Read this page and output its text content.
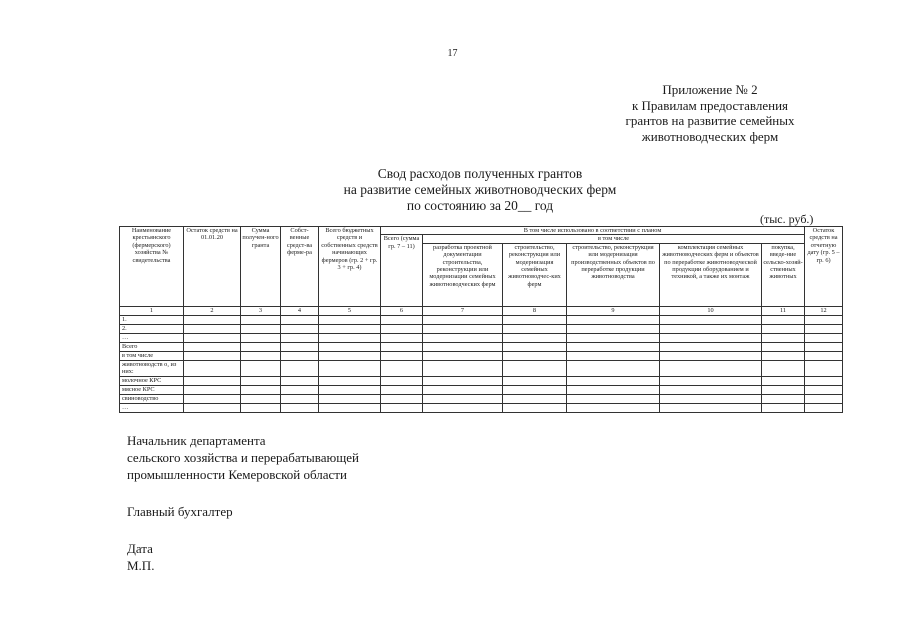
17
Приложение № 2
к Правилам предоставления
грантов на развитие семейных
животноводческих ферм
Свод расходов полученных грантов
на развитие семейных животноводческих ферм
по состоянию за 20__ год
(тыс. руб.)
Наименование крестьянского (фермерского) хозяйства № свидетельства	Остаток средств на 01.01.20	Сумма получен-ного гранта	Собст-венные средст-ва ферме-ра	Всего бюджетных средств и собственных средств начинающих фермеров (гр. 2 + гр. 3 + гр. 4)	В том числе использовано в соответствии с планом						Остаток средств на отчетную дату (гр. 5 – гр. 6)
					Всего (сумма гр. 7 – 11)	в том числе					
						разработка проектной документации строительства, реконструкции или модернизации семейных животноводческих ферм	строительство, реконструкция или модернизация семейных животноводчес-ких ферм	строительство, реконструкция или модернизация производственных объектов по переработке продукции животноводства	комплектация семейных животноводческих ферм и объектов по переработке животноводческой продукции оборудованием и техникой, а также их монтаж	покупка, введе-ние сельско-хозяй-ственных животных	
1	2	3	4	5	6	7	8	9	10	11	12
1.											
2.											
…											
Всего											
в том числе											
животноводств о, из них:											
молочное КРС											
мясное КРС											
свиноводство											
…											
Начальник департамента
сельского хозяйства и перерабатывающей
промышленности Кемеровской области
Главный бухгалтер
Дата
М.П.
